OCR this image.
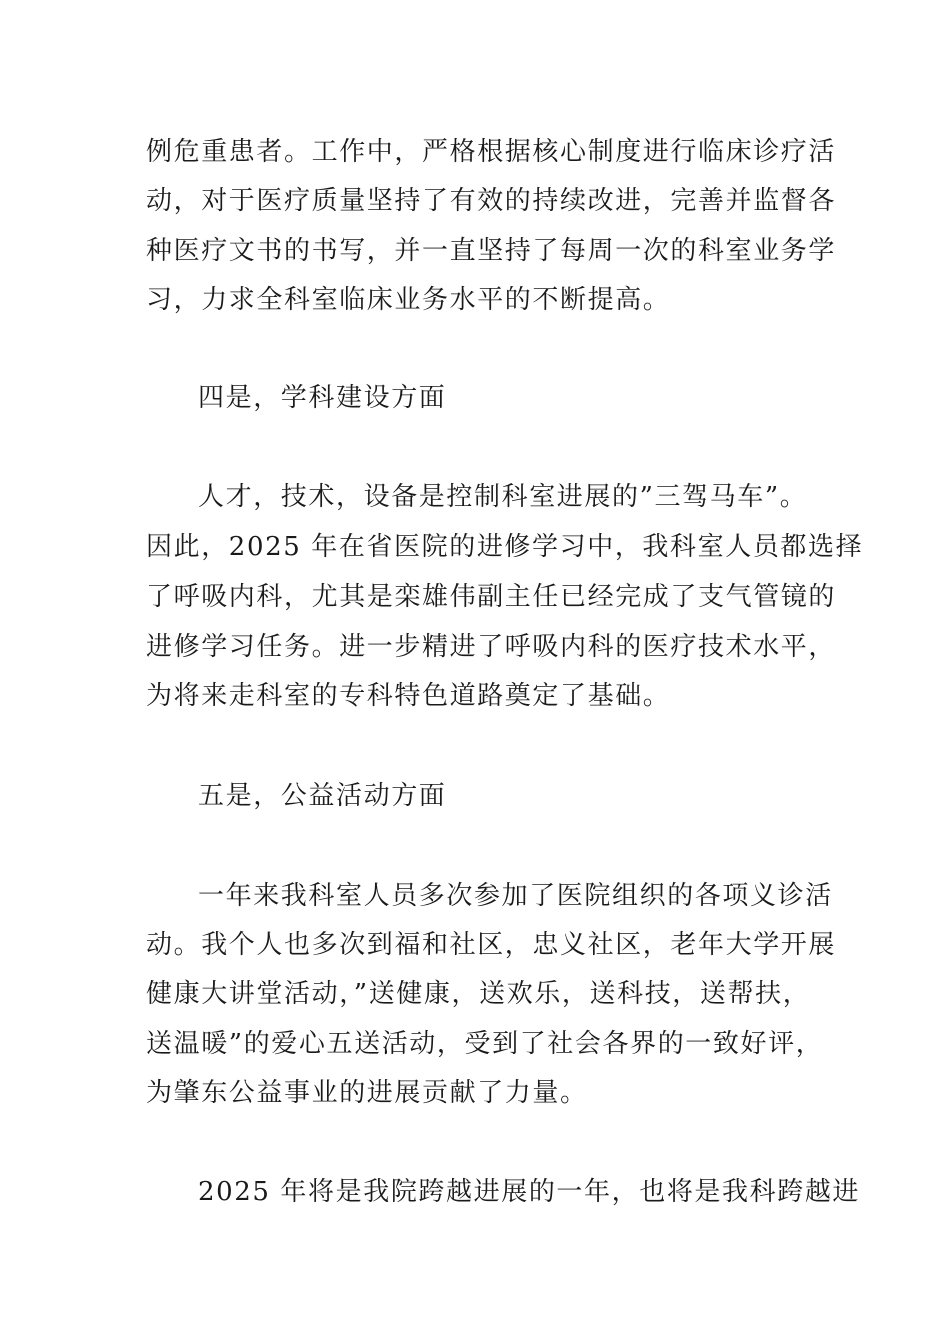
例危重患者。工作中，严格根据核心制度进行临床诊疗活
动，对于医疗质量坚持了有效的持续改进，完善并监督各
种医疗文书的书写，并一直坚持了每周一次的科室业务学
习，力求全科室临床业务水平的不断提高。
四是，学科建设方面
人才，技术，设备是控制科室进展的”三驾马车”。
因此，2025 年在省医院的进修学习中，我科室人员都选择
了呼吸内科，尤其是栾雄伟副主任已经完成了支气管镜的
进修学习任务。进一步精进了呼吸内科的医疗技术水平，
为将来走科室的专科特色道路奠定了基础。
五是，公益活动方面
一年来我科室人员多次参加了医院组织的各项义诊活
动。我个人也多次到福和社区，忠义社区，老年大学开展
健康大讲堂活动，”送健康，送欢乐，送科技，送帮扶，
送温暖”的爱心五送活动，受到了社会各界的一致好评，
为肇东公益事业的进展贡献了力量。
2025 年将是我院跨越进展的一年，也将是我科跨越进
